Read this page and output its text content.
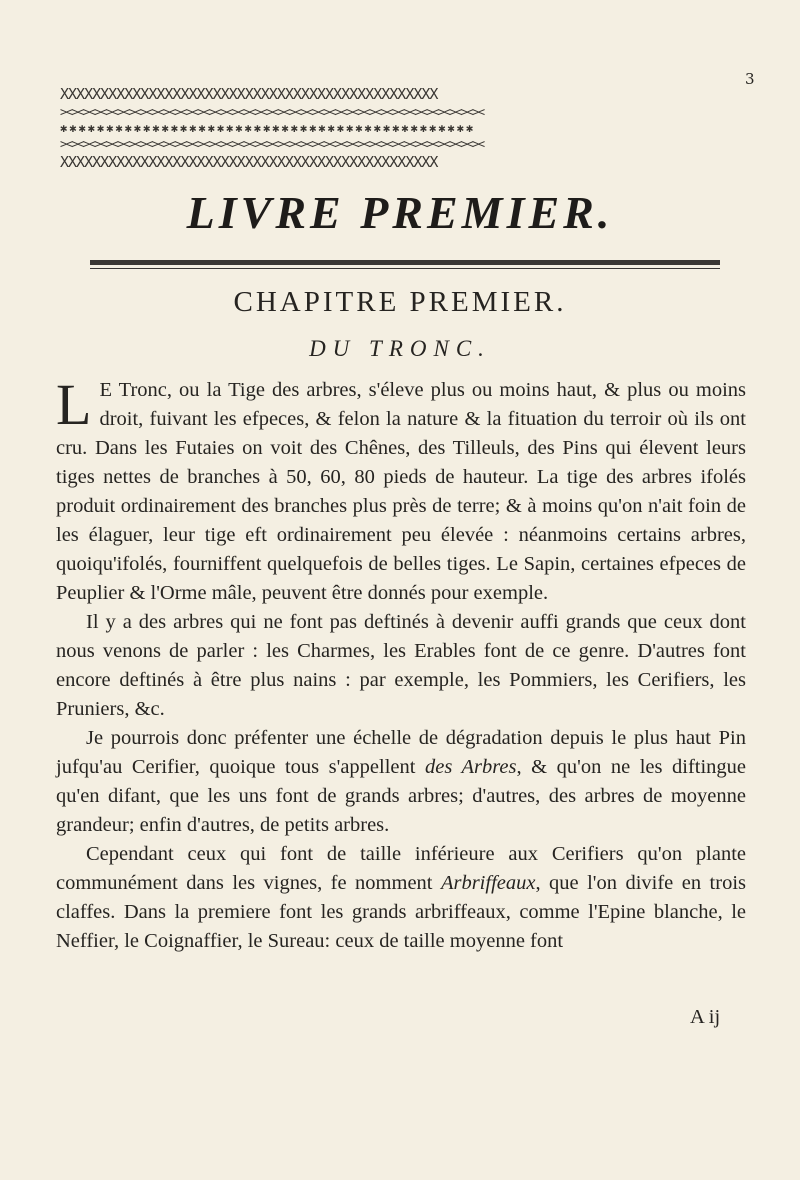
3
XXXXXXXXXXXXXXXXXXXXXXXXXXXXXXXXXXXXXXXXXXXXXXX
><><><><><><><><><><><><><><><><><><><><><><><><><><><><><><><><><><><><><
✱✱✱✱✱✱✱✱✱✱✱✱✱✱✱✱✱✱✱✱✱✱✱✱✱✱✱✱✱✱✱✱✱✱✱✱✱✱✱✱✱✱✱✱✱
><><><><><><><><><><><><><><><><><><><><><><><><><><><><><><><><><><><><><
XXXXXXXXXXXXXXXXXXXXXXXXXXXXXXXXXXXXXXXXXXXXXXX
LIVRE PREMIER.
CHAPITRE PREMIER.
DU TRONC.

L E Tronc, ou la Tige des arbres, s'éleve plus ou moins haut, & plus ou moins droit, fuivant les efpeces, & felon la nature & la fituation du terroir où ils ont cru. Dans les Futaies on voit des Chênes, des Tilleuls, des Pins qui élevent leurs tiges nettes de branches à 50, 60, 80 pieds de hauteur. La tige des arbres ifolés produit ordinairement des branches plus près de terre; & à moins qu'on n'ait foin de les élaguer, leur tige eft ordinairement peu élevée : néanmoins certains arbres, quoiqu'ifolés, fourniffent quelquefois de belles tiges. Le Sapin, certaines efpeces de Peuplier & l'Orme mâle, peuvent être donnés pour exemple.

Il y a des arbres qui ne font pas deftinés à devenir auffi grands que ceux dont nous venons de parler : les Charmes, les Erables font de ce genre. D'autres font encore deftinés à être plus nains : par exemple, les Pommiers, les Cerifiers, les Pruniers, &c.

Je pourrois donc préfenter une échelle de dégradation depuis le plus haut Pin jufqu'au Cerifier, quoique tous s'appellent des Arbres, & qu'on ne les diftingue qu'en difant, que les uns font de grands arbres; d'autres, des arbres de moyenne grandeur; enfin d'autres, de petits arbres.

Cependant ceux qui font de taille inférieure aux Cerifiers qu'on plante communément dans les vignes, fe nomment Arbriffeaux, que l'on divife en trois claffes. Dans la premiere font les grands arbriffeaux, comme l'Epine blanche, le Neffier, le Coignaffier, le Sureau: ceux de taille moyenne font

A ij
